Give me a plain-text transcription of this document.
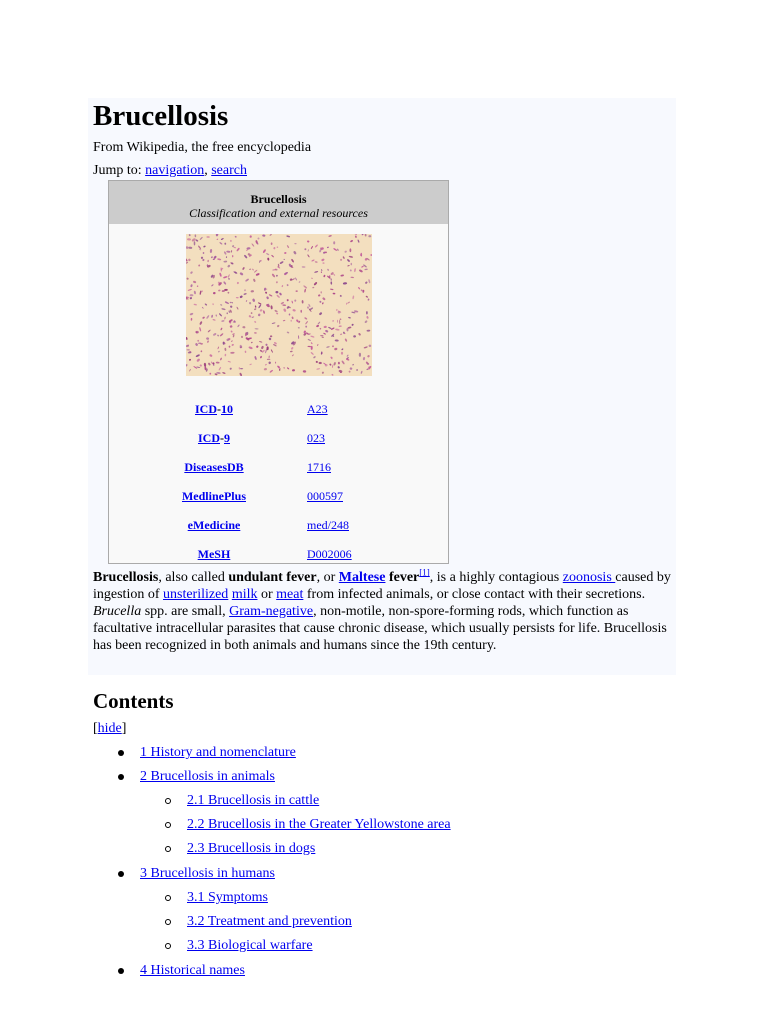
Brucellosis
From Wikipedia, the free encyclopedia
Jump to: navigation, search
Brucellosis
Classification and external resources
ICD-10	A23
ICD-9	023
DiseasesDB	1716
MedlinePlus	000597
eMedicine	med/248
MeSH	D002006

Brucellosis, also called undulant fever, or Maltese fever[1], is a highly contagious zoonosis caused by ingestion of unsterilized milk or meat from infected animals, or close contact with their secretions. Brucella spp. are small, Gram-negative, non-motile, non-spore-forming rods, which function as facultative intracellular parasites that cause chronic disease, which usually persists for life. Brucellosis has been recognized in both animals and humans since the 19th century.

Contents
[hide]
1 History and nomenclature
2 Brucellosis in animals
2.1 Brucellosis in cattle
2.2 Brucellosis in the Greater Yellowstone area
2.3 Brucellosis in dogs
3 Brucellosis in humans
3.1 Symptoms
3.2 Treatment and prevention
3.3 Biological warfare
4 Historical names
